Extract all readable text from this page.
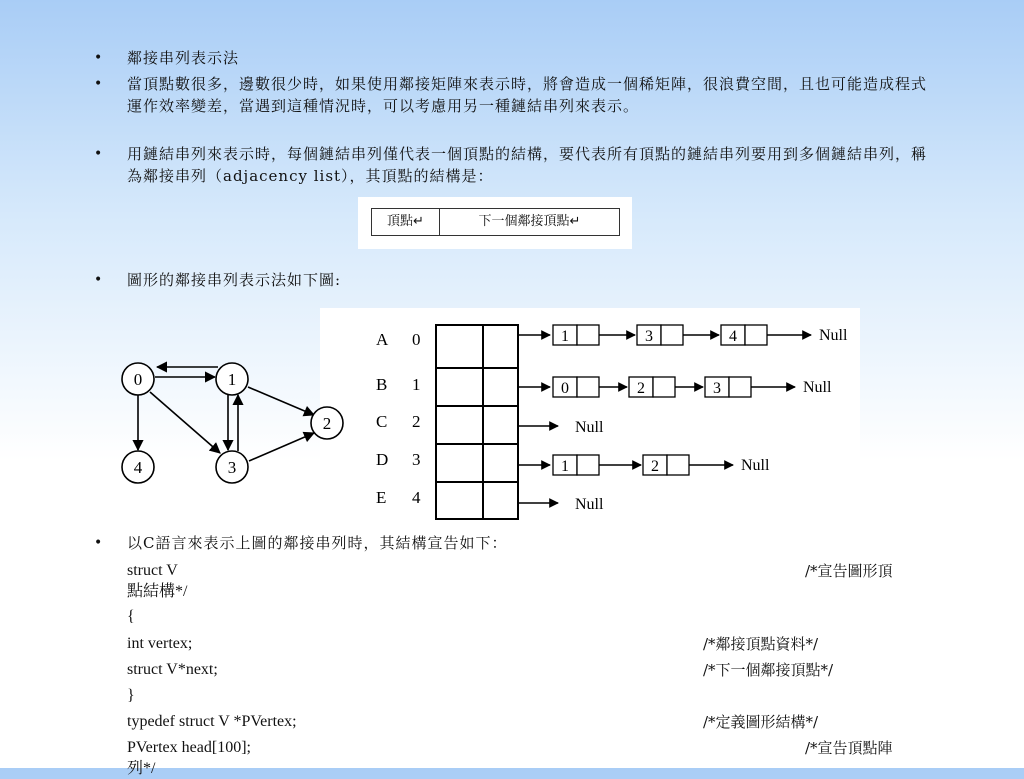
•
•
•
•
•
鄰接串列表示法
當頂點數很多，邊數很少時，如果使用鄰接矩陣來表示時，將會造成一個稀矩陣，很浪費空間，且也可能造成程式運作效率變差，當遇到這種情況時，可以考慮用另一種鏈結串列來表示。
用鏈結串列來表示時，每個鏈結串列僅代表一個頂點的結構，要代表所有頂點的鏈結串列要用到多個鏈結串列，稱為鄰接串列（adjacency list），其頂點的結構是：
頂點↵	下一個鄰接頂點↵
圖形的鄰接串列表示法如下圖:
0	1
2
3
4
A 0
B 1
C 2
D 3
E 4
1	3	4	Null
0	2	3	Null
Null
1	2	Null
Null
以C語言來表示上圖的鄰接串列時，其結構宣告如下：
struct V	/*宣告圖形頂
點結構*/
{
int vertex;	/*鄰接頂點資料*/
struct V*next;	/*下一個鄰接頂點*/
}
typedef struct V *PVertex;	/*定義圖形結構*/
PVertex head[100];	/*宣告頂點陣
列*/
